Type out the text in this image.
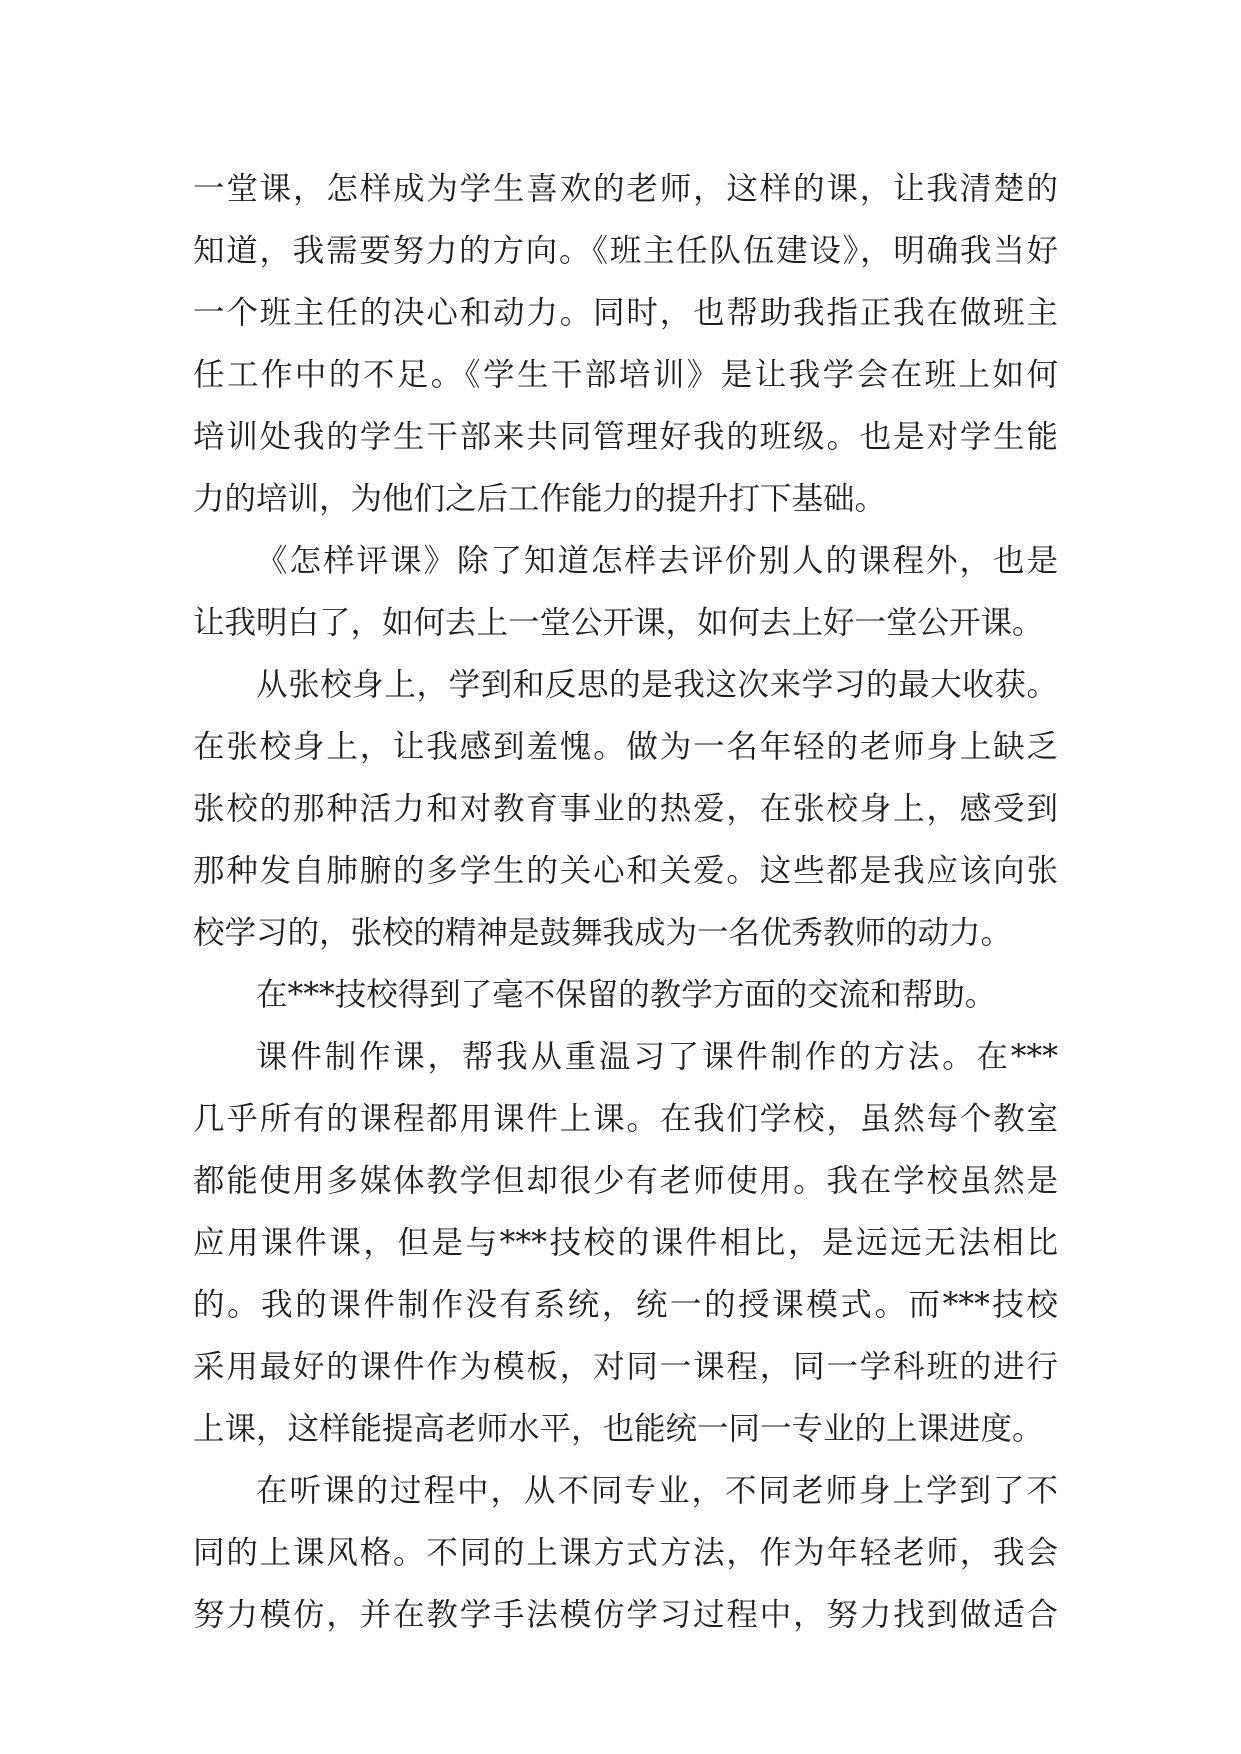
一堂课，怎样成为学生喜欢的老师，这样的课，让我清楚的
知道，我需要努力的方向。《班主任队伍建设》，明确我当好
一个班主任的决心和动力。同时，也帮助我指正我在做班主
任工作中的不足。《学生干部培训》是让我学会在班上如何
培训处我的学生干部来共同管理好我的班级。也是对学生能
力的培训，为他们之后工作能力的提升打下基础。
《怎样评课》除了知道怎样去评价别人的课程外，也是
让我明白了，如何去上一堂公开课，如何去上好一堂公开课。
从张校身上，学到和反思的是我这次来学习的最大收获。
在张校身上，让我感到羞愧。做为一名年轻的老师身上缺乏
张校的那种活力和对教育事业的热爱，在张校身上，感受到
那种发自肺腑的多学生的关心和关爱。这些都是我应该向张
校学习的，张校的精神是鼓舞我成为一名优秀教师的动力。
在***技校得到了毫不保留的教学方面的交流和帮助。
课件制作课，帮我从重温习了课件制作的方法。在***
几乎所有的课程都用课件上课。在我们学校，虽然每个教室
都能使用多媒体教学但却很少有老师使用。我在学校虽然是
应用课件课，但是与***技校的课件相比，是远远无法相比
的。我的课件制作没有系统，统一的授课模式。而***技校
采用最好的课件作为模板，对同一课程，同一学科班的进行
上课，这样能提高老师水平，也能统一同一专业的上课进度。
在听课的过程中，从不同专业，不同老师身上学到了不
同的上课风格。不同的上课方式方法，作为年轻老师，我会
努力模仿，并在教学手法模仿学习过程中，努力找到做适合
